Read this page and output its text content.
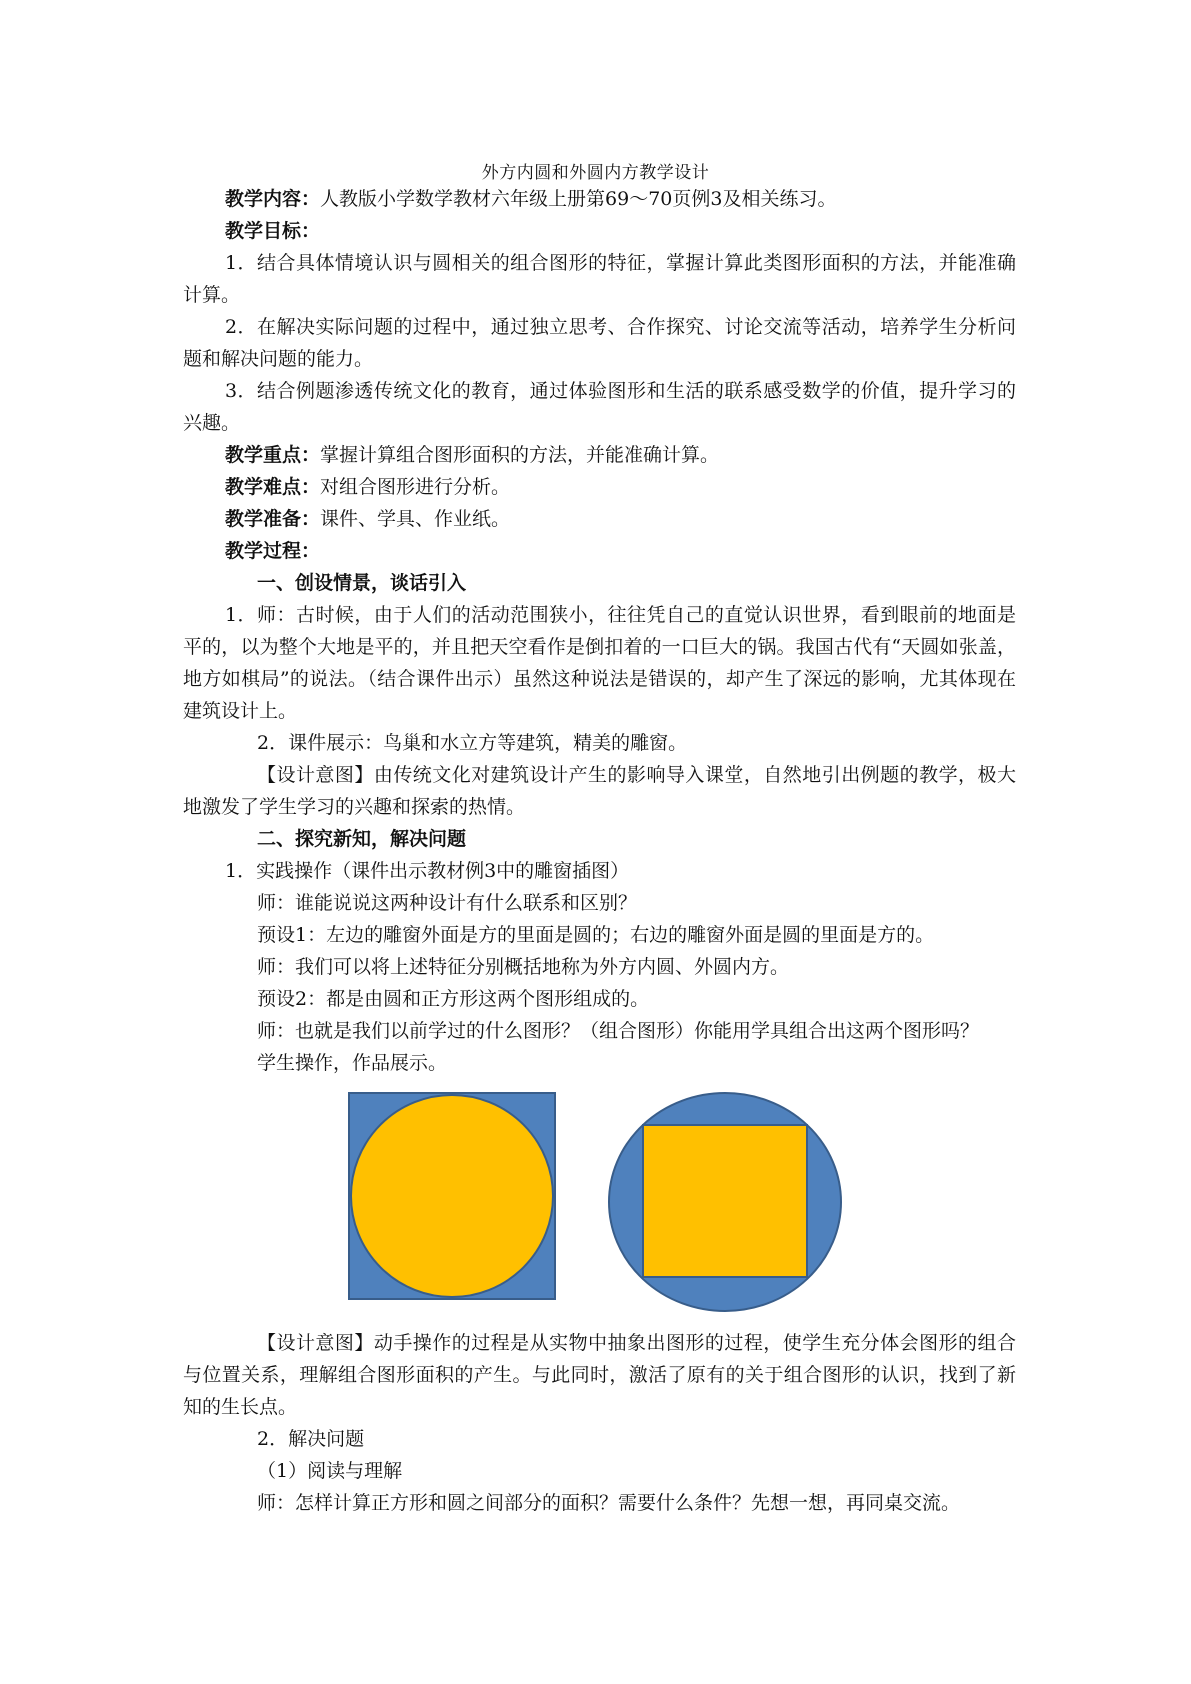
外方内圆和外圆内方教学设计

教学内容：人教版小学数学教材六年级上册第69～70页例3及相关练习。

教学目标：

1．结合具体情境认识与圆相关的组合图形的特征，掌握计算此类图形面积的方法，并能准确计算。

2．在解决实际问题的过程中，通过独立思考、合作探究、讨论交流等活动，培养学生分析问题和解决问题的能力。

3．结合例题渗透传统文化的教育，通过体验图形和生活的联系感受数学的价值，提升学习的兴趣。

教学重点：掌握计算组合图形面积的方法，并能准确计算。

教学难点：对组合图形进行分析。

教学准备：课件、学具、作业纸。

教学过程：

一、创设情景，谈话引入

1．师：古时候，由于人们的活动范围狭小，往往凭自己的直觉认识世界，看到眼前的地面是平的，以为整个大地是平的，并且把天空看作是倒扣着的一口巨大的锅。我国古代有“天圆如张盖，地方如棋局”的说法。（结合课件出示）虽然这种说法是错误的，却产生了深远的影响，尤其体现在建筑设计上。

2．课件展示：鸟巢和水立方等建筑，精美的雕窗。

【设计意图】由传统文化对建筑设计产生的影响导入课堂，自然地引出例题的教学，极大地激发了学生学习的兴趣和探索的热情。

二、探究新知，解决问题

1．实践操作（课件出示教材例3中的雕窗插图）

师：谁能说说这两种设计有什么联系和区别？

预设1：左边的雕窗外面是方的里面是圆的；右边的雕窗外面是圆的里面是方的。

师：我们可以将上述特征分别概括地称为外方内圆、外圆内方。

预设2：都是由圆和正方形这两个图形组成的。

师：也就是我们以前学过的什么图形？（组合图形）你能用学具组合出这两个图形吗？

学生操作，作品展示。

【设计意图】动手操作的过程是从实物中抽象出图形的过程，使学生充分体会图形的组合与位置关系，理解组合图形面积的产生。与此同时，激活了原有的关于组合图形的认识，找到了新知的生长点。

2．解决问题

（1）阅读与理解

师：怎样计算正方形和圆之间部分的面积？需要什么条件？先想一想，再同桌交流。
